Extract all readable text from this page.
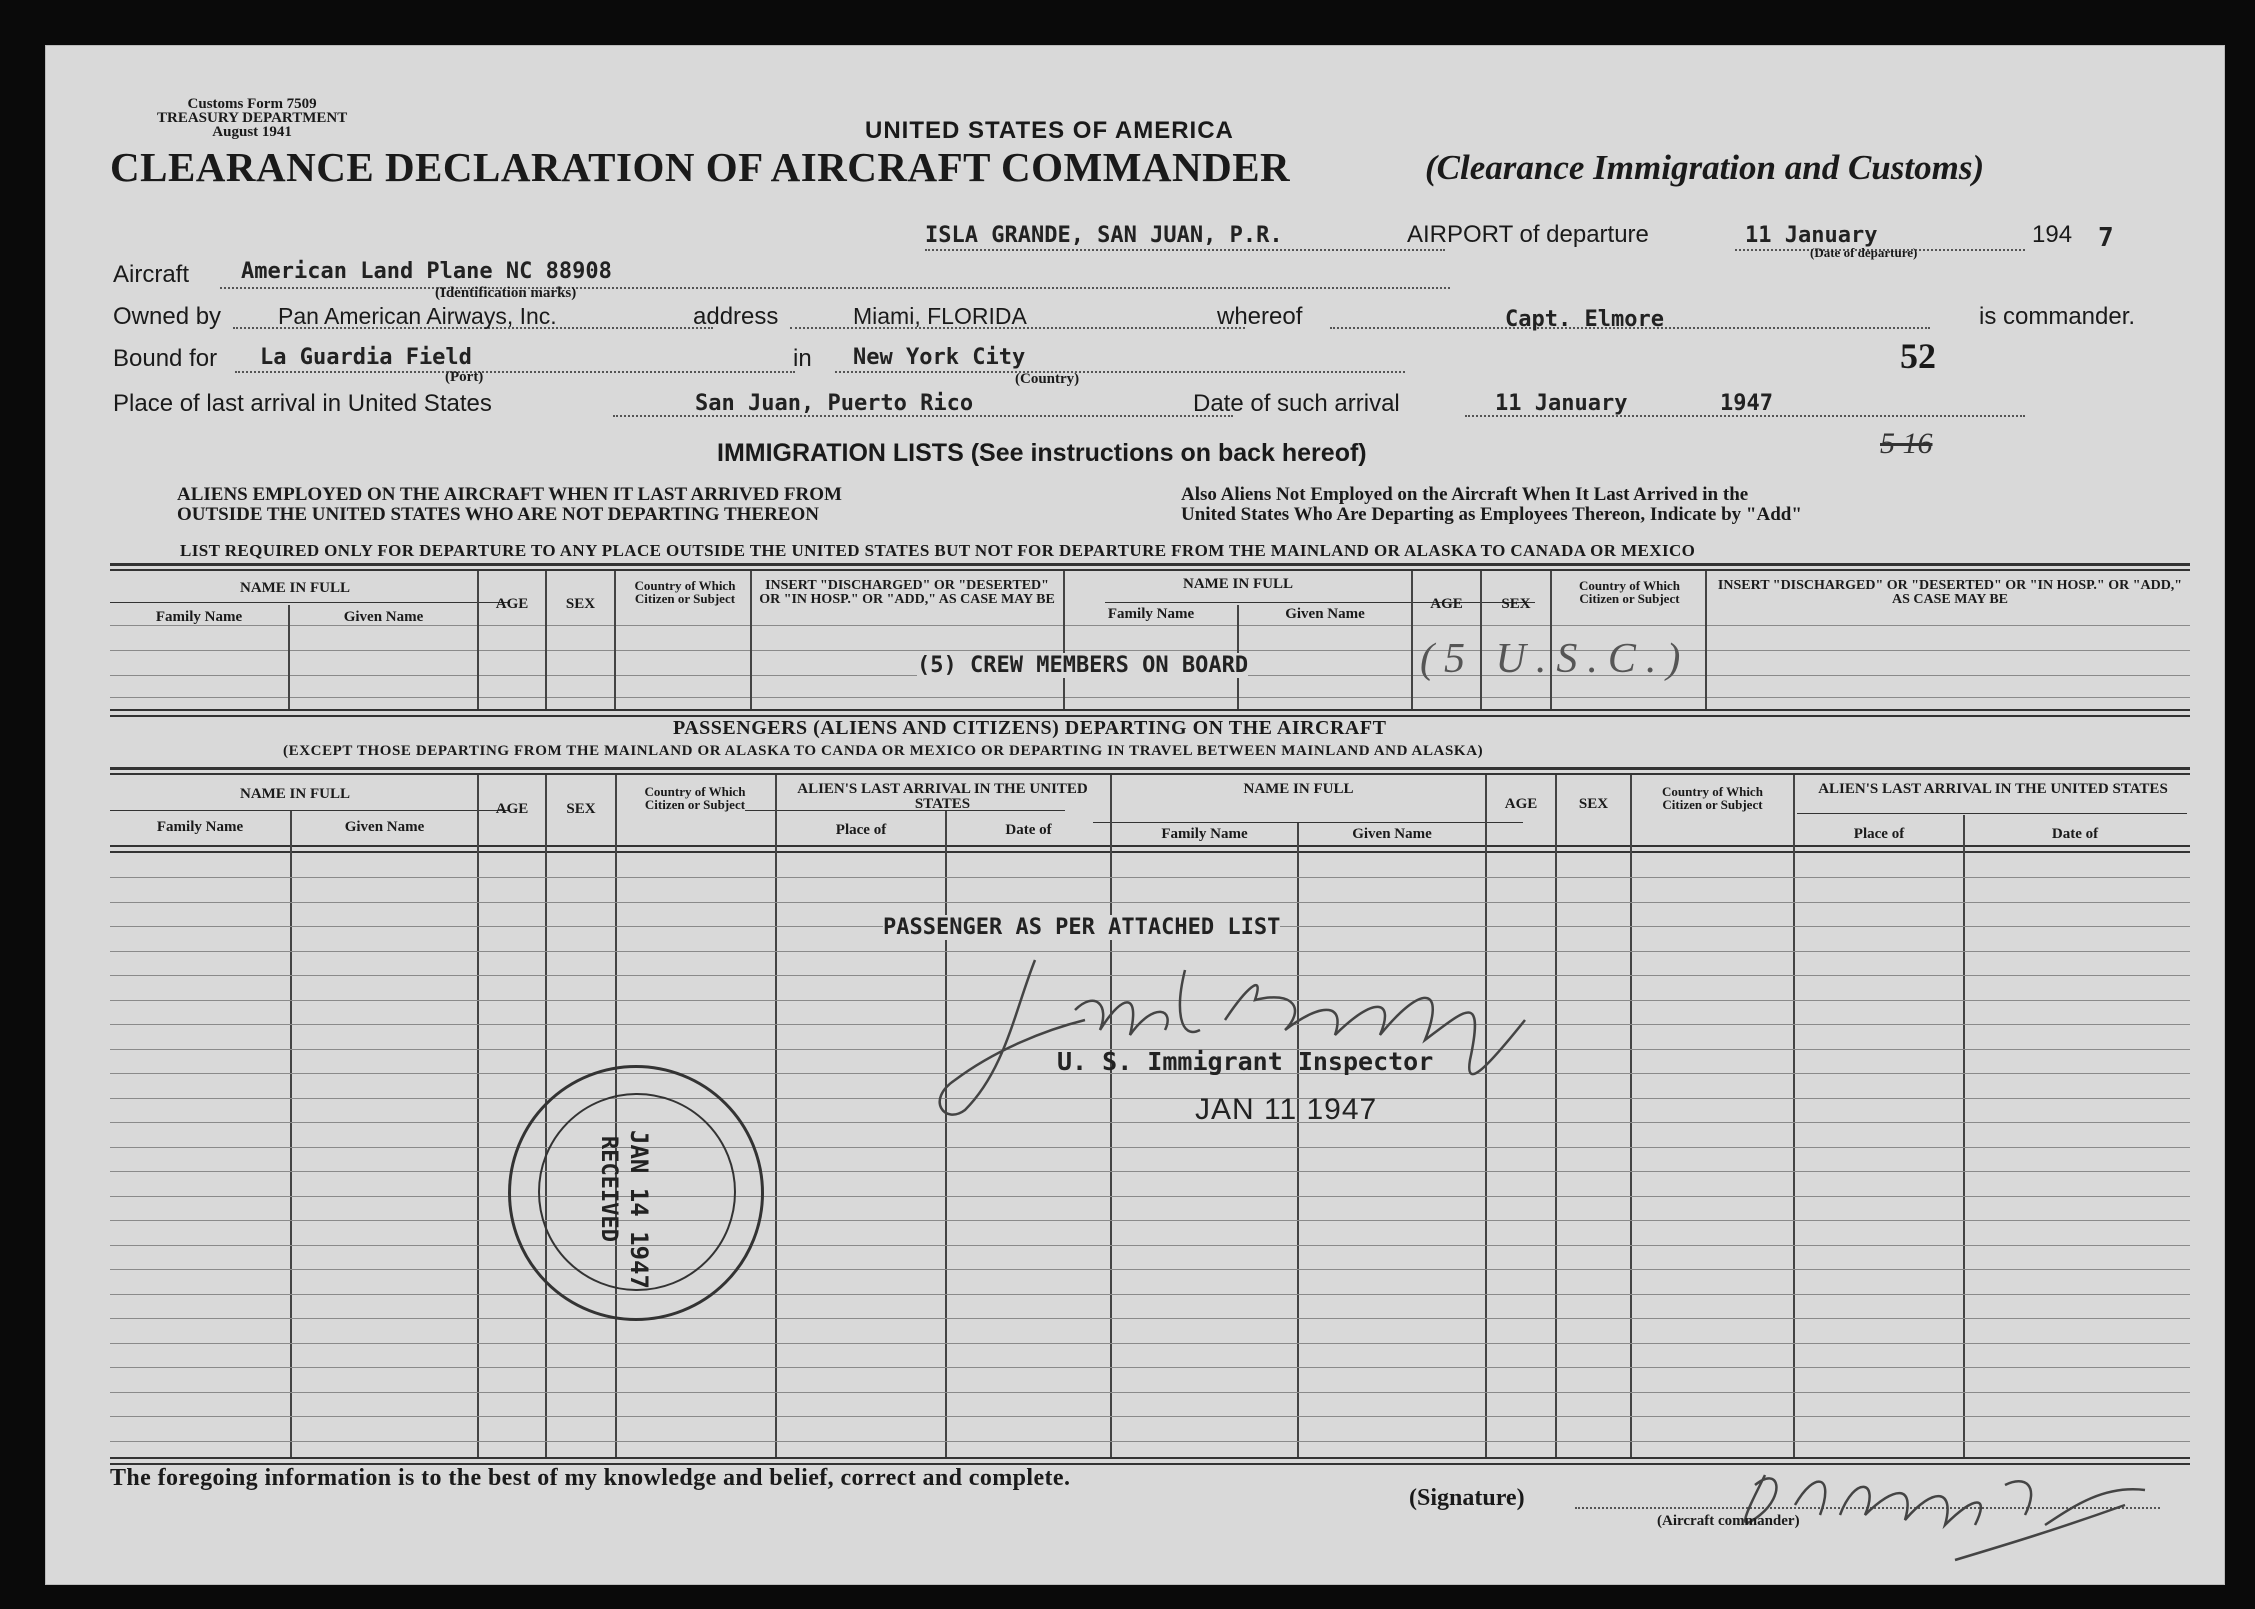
Customs Form 7509
TREASURY DEPARTMENT
August 1941	UNITED STATES OF AMERICA
CLEARANCE DECLARATION OF AIRCRAFT COMMANDER	(Clearance Immigration and Customs)
ISLA GRANDE, SAN JUAN, P.R.	AIRPORT of departure	11 January
(Date of departure)
194 7
Aircraft American Land Plane NC 88908
(Identification marks)
Owned by Pan American Airways, Inc.	address	Miami, FLORIDA	whereof	Capt. Elmore	is commander.
Bound for La Guardia Field
(Port)
in New York City
(Country)
52
Place of last arrival in United States	San Juan, Puerto Rico	Date of such arrival	11 January	1947
5 16
IMMIGRATION LISTS (See instructions on back hereof)
ALIENS EMPLOYED ON THE AIRCRAFT WHEN IT LAST ARRIVED FROM
OUTSIDE THE UNITED STATES WHO ARE NOT DEPARTING THEREON
Also Aliens Not Employed on the Aircraft When It Last Arrived in the
United States Who Are Departing as Employees Thereon, Indicate by "Add"
LIST REQUIRED ONLY FOR DEPARTURE TO ANY PLACE OUTSIDE THE UNITED STATES BUT NOT FOR DEPARTURE FROM THE MAINLAND OR ALASKA TO CANADA OR MEXICO
NAME IN FULL
Family Name	Given Name
AGE	SEX
Country of Which Citizen or Subject
INSERT "DISCHARGED" OR "DESERTED" OR "IN HOSP." OR "ADD," AS CASE MAY BE
NAME IN FULL
Family Name	Given Name
AGE	SEX
Country of Which Citizen or Subject
INSERT "DISCHARGED" OR "DESERTED" OR "IN HOSP." OR "ADD," AS CASE MAY BE
(5) CREW MEMBERS ON BOARD	(5 U.S.C.)
PASSENGERS (ALIENS AND CITIZENS) DEPARTING ON THE AIRCRAFT
(EXCEPT THOSE DEPARTING FROM THE MAINLAND OR ALASKA TO CANDA OR MEXICO OR DEPARTING IN TRAVEL BETWEEN MAINLAND AND ALASKA)
NAME IN FULL
Family Name	Given Name
AGE	SEX
Country of Which Citizen or Subject
ALIEN'S LAST ARRIVAL IN THE UNITED STATES
Place of	Date of
NAME IN FULL
Family Name	Given Name
AGE	SEX
Country of Which Citizen or Subject
ALIEN'S LAST ARRIVAL IN THE UNITED STATES
Place of	Date of
PASSENGER AS PER ATTACHED LIST
U. S. Immigrant Inspector
JAN 11 1947
JAN 14 1947
RECEIVED
The foregoing information is to the best of my knowledge and belief, correct and complete.
(Signature)
(Aircraft commander)
